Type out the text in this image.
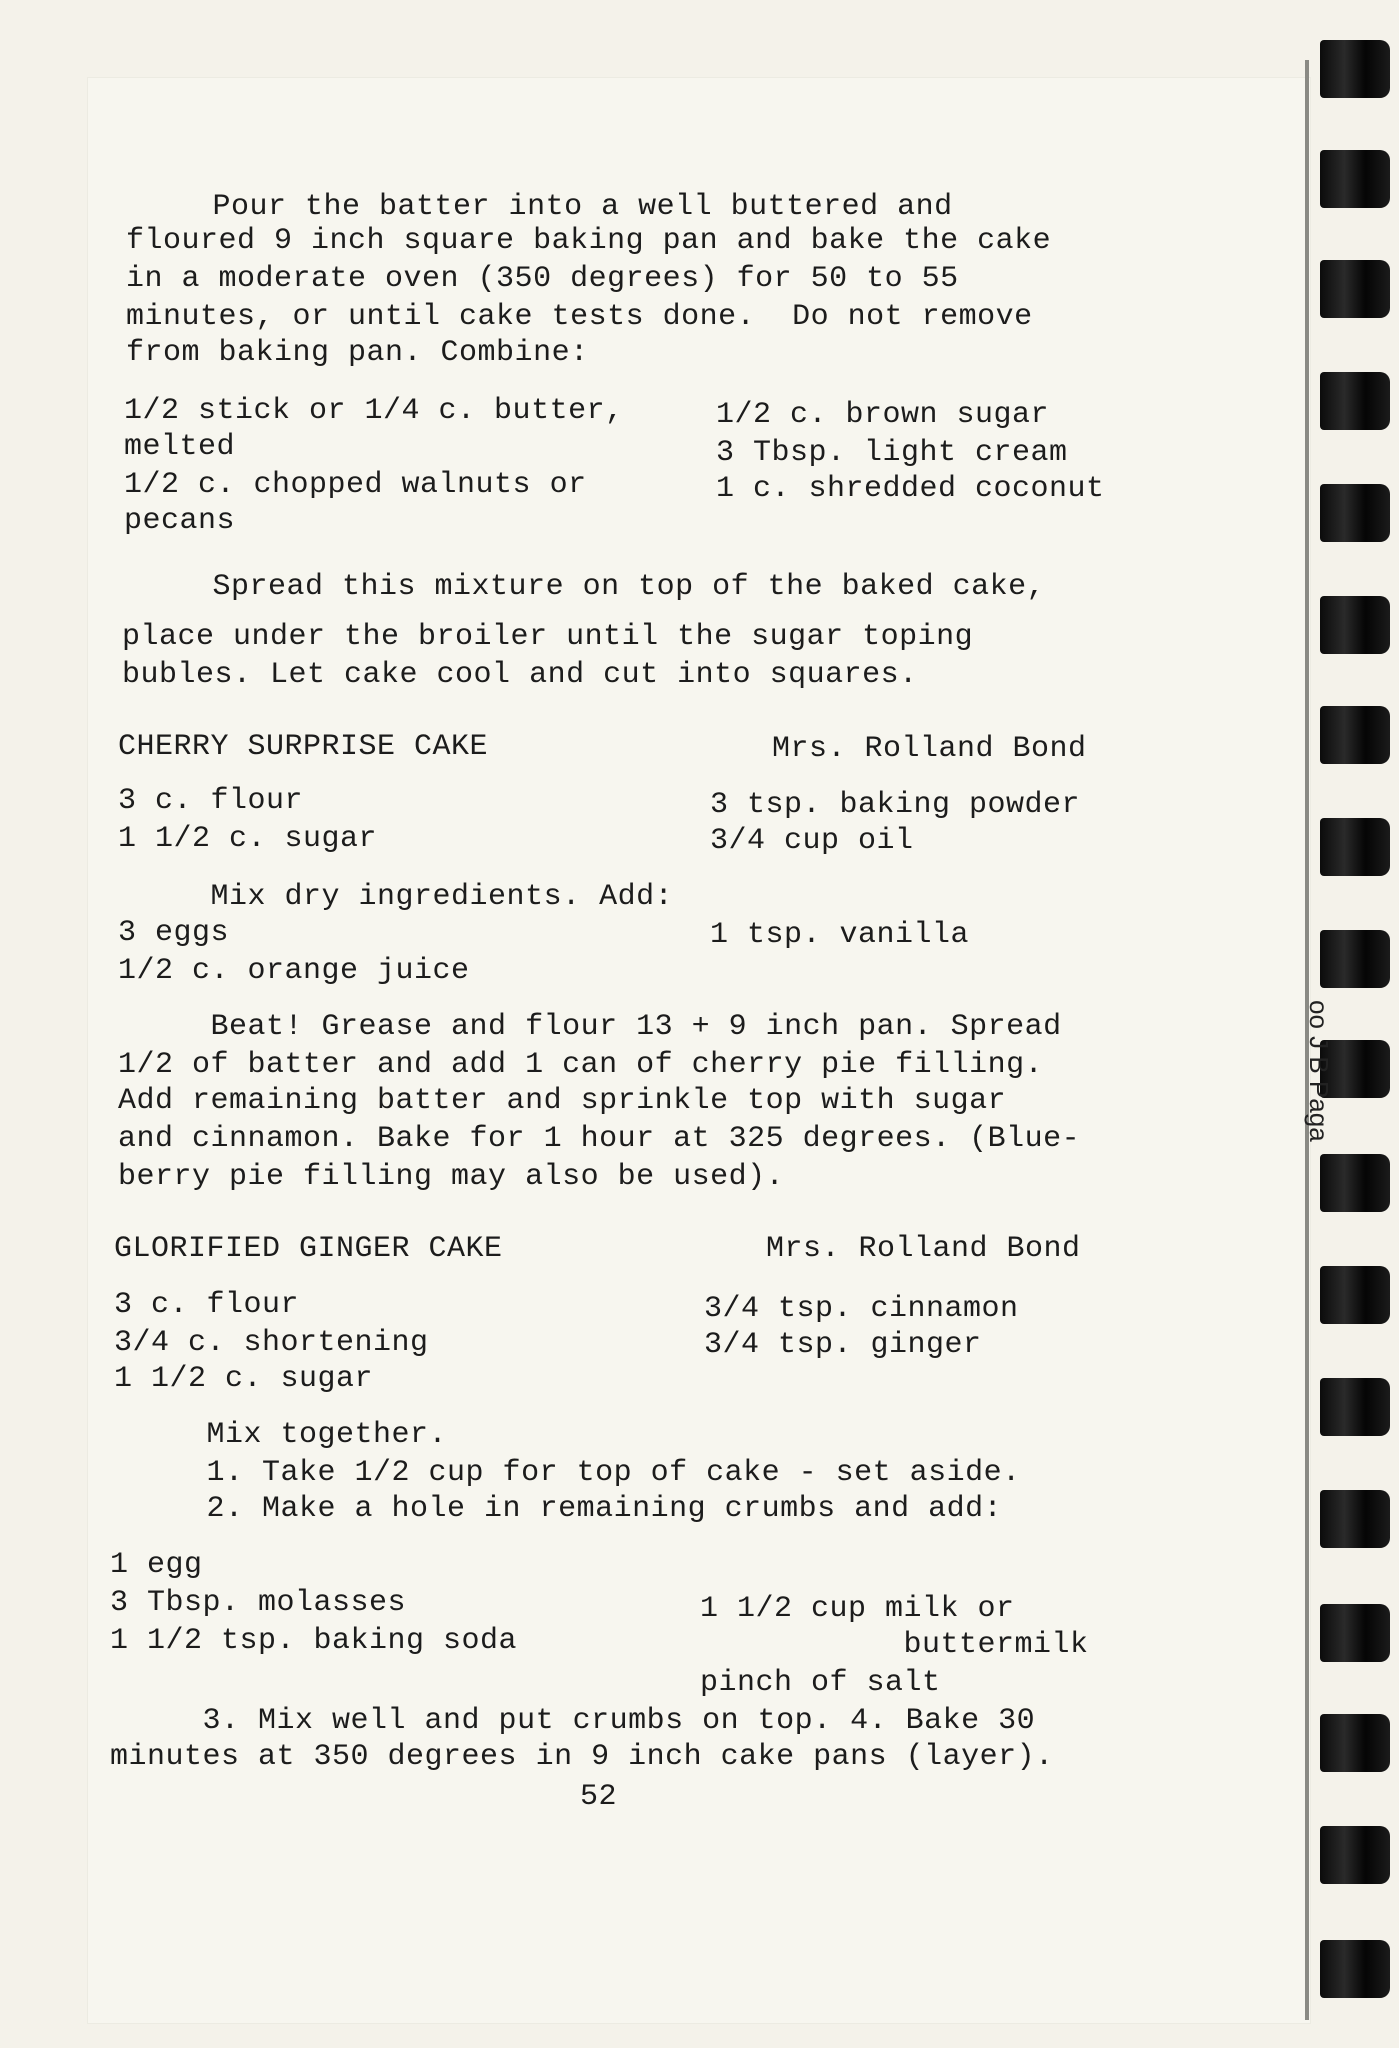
oo J B Paga
Pour the batter into a well buttered and
floured 9 inch square baking pan and bake the cake
in a moderate oven (350 degrees) for 50 to 55
minutes, or until cake tests done.  Do not remove
from baking pan. Combine:
1/2 stick or 1/4 c. butter,
melted
1/2 c. chopped walnuts or
pecans
1/2 c. brown sugar
3 Tbsp. light cream
1 c. shredded coconut
Spread this mixture on top of the baked cake,
place under the broiler until the sugar toping
bubles. Let cake cool and cut into squares.
CHERRY SURPRISE CAKE	Mrs. Rolland Bond
3 c. flour
1 1/2 c. sugar
3 tsp. baking powder
3/4 cup oil
Mix dry ingredients. Add:
3 eggs
1/2 c. orange juice
1 tsp. vanilla
Beat! Grease and flour 13 + 9 inch pan. Spread
1/2 of batter and add 1 can of cherry pie filling.
Add remaining batter and sprinkle top with sugar
and cinnamon. Bake for 1 hour at 325 degrees. (Blue-
berry pie filling may also be used).
GLORIFIED GINGER CAKE	Mrs. Rolland Bond
3 c. flour
3/4 c. shortening
1 1/2 c. sugar
3/4 tsp. cinnamon
3/4 tsp. ginger
Mix together.
1. Take 1/2 cup for top of cake - set aside.
2. Make a hole in remaining crumbs and add:
1 egg
3 Tbsp. molasses
1 1/2 tsp. baking soda
1 1/2 cup milk or
buttermilk
pinch of salt
3. Mix well and put crumbs on top. 4. Bake 30
minutes at 350 degrees in 9 inch cake pans (layer).
52
